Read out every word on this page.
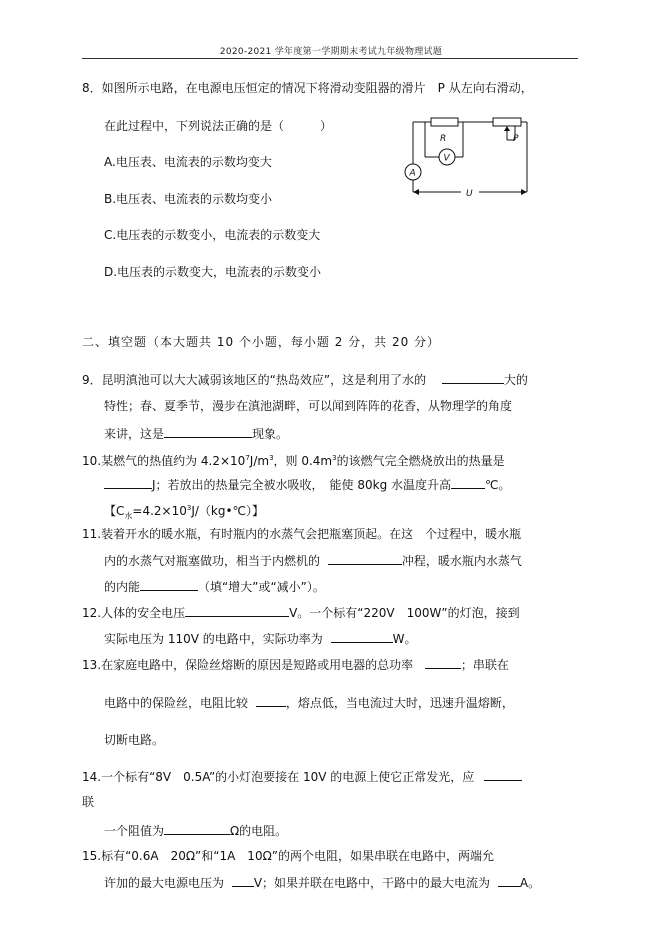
2020-2021 学年度第一学期期末考试九年级物理试题
8．如图所示电路，在电源电压恒定的情况下将滑动变阻器的滑片　P 从左向右滑动，
在此过程中，下列说法正确的是（　　　）
A.电压表、电流表的示数均变大
B.电压表、电流表的示数均变小
C.电压表的示数变小，电流表的示数变大
D.电压表的示数变大，电流表的示数变小
R
V
A
P
U
二、填空题（本大题共 10 个小题，每小题 2 分，共 20 分）
9．昆明滇池可以大大减弱该地区的“热岛效应”，这是利用了水的	大的
特性；春、夏季节，漫步在滇池湖畔，可以闻到阵阵的花香，从物理学的角度
来讲，这是	现象。
10.某燃气的热值约为 $4.2\times 10^7J/m^3$，则 $0.4m^3$的该燃气完全燃烧放出的热量是
J；若放出的热量完全被水吸收，　能使 80kg 水温度升高	℃。
【$C_水=4.2\times 10^3J/(kg•℃)$】
11.装着开水的暖水瓶，有时瓶内的水蒸气会把瓶塞顶起。在这　个过程中，暖水瓶
内的水蒸气对瓶塞做功，相当于内燃机的	冲程，暖水瓶内水蒸气
的内能	（填“增大”或“减小”）。
12.人体的安全电压	V。一个标有“220V　100W”的灯泡，接到
实际电压为 110V 的电路中，实际功率为	W。
13.在家庭电路中，保险丝熔断的原因是短路或用电器的总功率	；串联在
电路中的保险丝，电阻比较	，熔点低，当电流过大时，迅速升温熔断，
切断电路。
14.一个标有“8V　0.5A”的小灯泡要接在 10V 的电源上使它正常发光，应
联
一个阻值为	Ω的电阻。
15.标有“0.6A　20Ω”和“1A　10Ω”的两个电阻，如果串联在电路中，两端允
许加的最大电源电压为 V；如果并联在电路中，干路中的最大电流为 A。
